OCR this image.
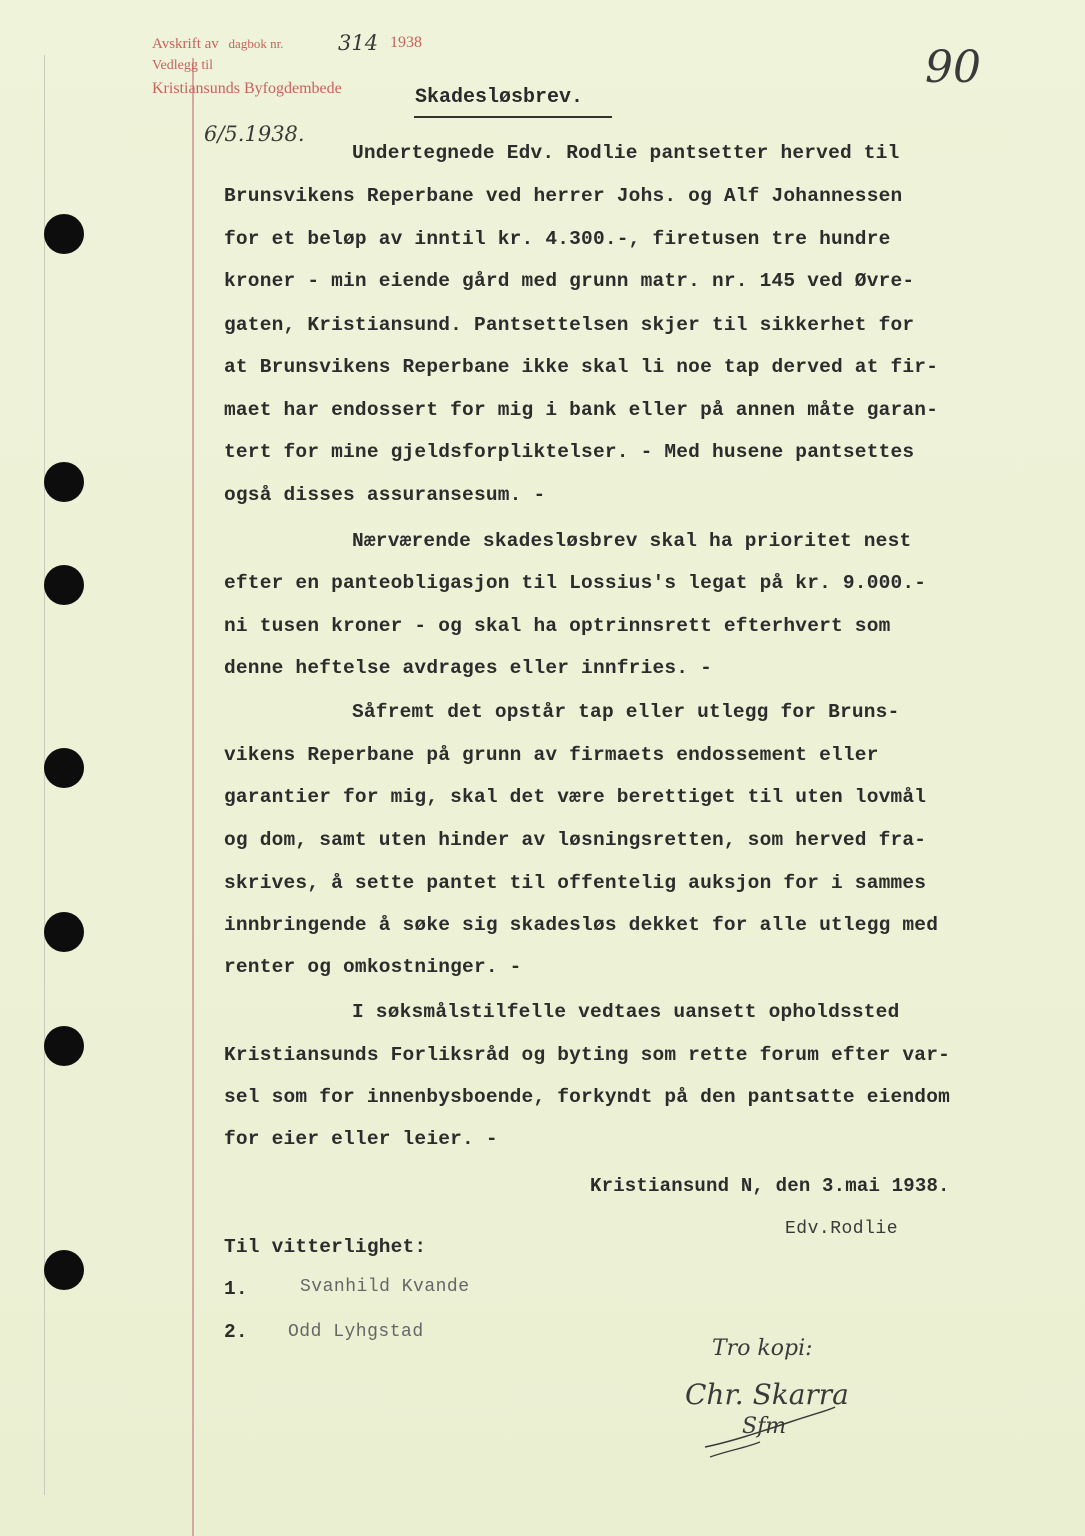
Avskrift av dagbok nr.	314 1938
Vedlegg til
Kristiansunds Byfogdembede	90
6/5.1938.
Skadesløsbrev.
Undertegnede Edv. Rodlie pantsetter herved til
Brunsvikens Reperbane ved herrer Johs. og Alf Johannessen
for et beløp av inntil kr. 4.300.-, firetusen tre hundre
kroner - min eiende gård med grunn matr. nr. 145 ved Øvre-
gaten, Kristiansund. Pantsettelsen skjer til sikkerhet for
at Brunsvikens Reperbane ikke skal li noe tap derved at fir-
maet har endossert for mig i bank eller på annen måte garan-
tert for mine gjeldsforpliktelser. - Med husene pantsettes
også disses assuransesum. -
Nærværende skadesløsbrev skal ha prioritet nest
efter en panteobligasjon til Lossius's legat på kr. 9.000.-
ni tusen kroner - og skal ha optrinnsrett efterhvert som
denne heftelse avdrages eller innfries. -
Såfremt det opstår tap eller utlegg for Bruns-
vikens Reperbane på grunn av firmaets endossement eller
garantier for mig, skal det være berettiget til uten lovmål
og dom, samt uten hinder av løsningsretten, som herved fra-
skrives, å sette pantet til offentelig auksjon for i sammes
innbringende å søke sig skadesløs dekket for alle utlegg med
renter og omkostninger. -
I søksmålstilfelle vedtaes uansett opholdssted
Kristiansunds Forliksråd og byting som rette forum efter var-
sel som for innenbysboende, forkyndt på den pantsatte eiendom
for eier eller leier. -
Kristiansund N, den 3.mai 1938.
Edv.Rodlie
Til vitterlighet:
1.	Svanhild Kvande
2. Odd Lyhgstad
Tro kopi:
Chr. Skarra
Sfm
